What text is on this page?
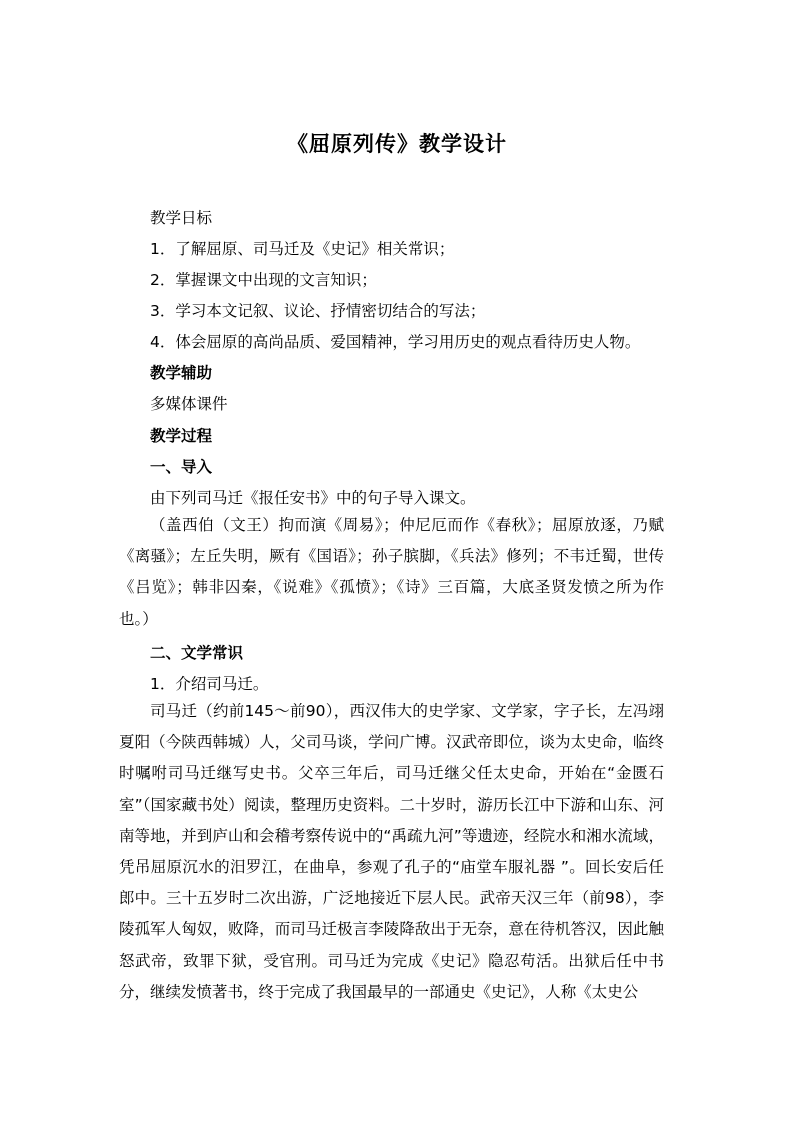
《屈原列传》教学设计
教学日标
1．了解屈原、司马迁及《史记》相关常识；
2．掌握课文中出现的文言知识；
3．学习本文记叙、议论、抒情密切结合的写法；
4．体会屈原的高尚品质、爱国精神，学习用历史的观点看待历史人物。
教学辅助
多媒体课件
教学过程
一、导入
由下列司马迁《报任安书》中的句子导入课文。
（盖西伯（文王）拘而演《周易》；仲尼厄而作《春秋》；屈原放逐，乃赋《离骚》；左丘失明，厥有《国语》；孙子膑脚，《兵法》修列；不韦迁蜀，世传《吕览》；韩非囚秦，《说难》《孤愤》；《诗》三百篇，大底圣贤发愤之所为作也。）
二、文学常识
1．介绍司马迁。
司马迁（约前145～前90），西汉伟大的史学家、文学家，字子长，左冯翊夏阳（今陕西韩城）人，父司马谈，学问广博。汉武帝即位，谈为太史命，临终时嘱咐司马迁继写史书。父卒三年后，司马迁继父任太史命，开始在“金匮石室”（国家藏书处）阅读，整理历史资料。二十岁时，游历长江中下游和山东、河南等地，并到庐山和会稽考察传说中的“禹疏九河”等遗迹，经院水和湘水流域，凭吊屈原沉水的汨罗江，在曲阜，参观了孔子的“庙堂车服礼器 ”。回长安后任郎中。三十五岁时二次出游，广泛地接近下层人民。武帝天汉三年（前98），李陵孤军人匈奴，败降，而司马迁极言李陵降敌出于无奈，意在待机答汉，因此触怒武帝，致罪下狱，受官刑。司马迁为完成《史记》隐忍苟活。出狱后任中书分，继续发愤著书，终于完成了我国最早的一部通史《史记》，人称《太史公
